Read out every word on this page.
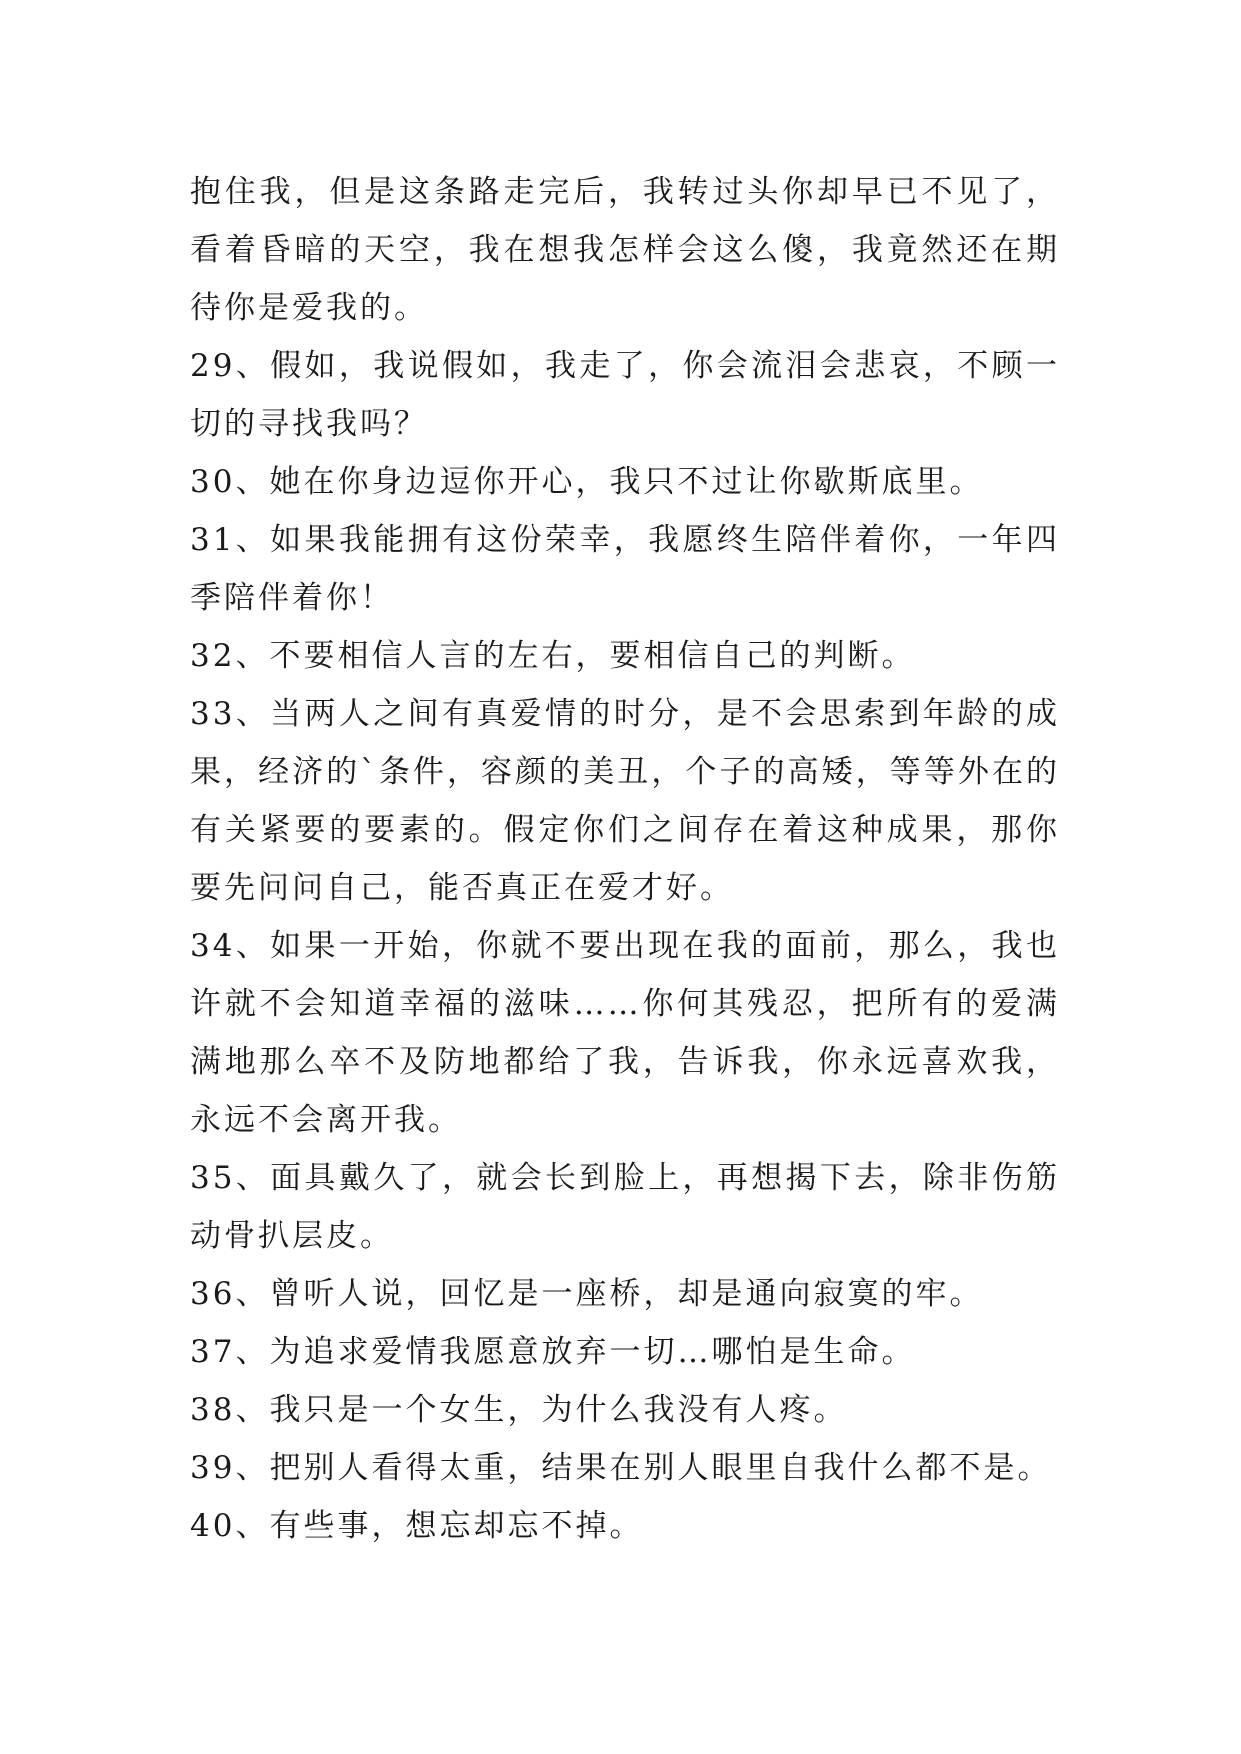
抱住我，但是这条路走完后，我转过头你却早已不见了，看着昏暗的天空，我在想我怎样会这么傻，我竟然还在期待你是爱我的。

29、假如，我说假如，我走了，你会流泪会悲哀，不顾一切的寻找我吗？

30、她在你身边逗你开心，我只不过让你歇斯底里。

31、如果我能拥有这份荣幸，我愿终生陪伴着你，一年四季陪伴着你！

32、不要相信人言的左右，要相信自己的判断。

33、当两人之间有真爱情的时分，是不会思索到年龄的成果，经济的`条件，容颜的美丑，个子的高矮，等等外在的有关紧要的要素的。假定你们之间存在着这种成果，那你要先问问自己，能否真正在爱才好。

34、如果一开始，你就不要出现在我的面前，那么，我也许就不会知道幸福的滋味……你何其残忍，把所有的爱满满地那么卒不及防地都给了我，告诉我，你永远喜欢我，永远不会离开我。

35、面具戴久了，就会长到脸上，再想揭下去，除非伤筋动骨扒层皮。

36、曾听人说，回忆是一座桥，却是通向寂寞的牢。

37、为追求爱情我愿意放弃一切…哪怕是生命。

38、我只是一个女生，为什么我没有人疼。

39、把别人看得太重，结果在别人眼里自我什么都不是。

40、有些事，想忘却忘不掉。
